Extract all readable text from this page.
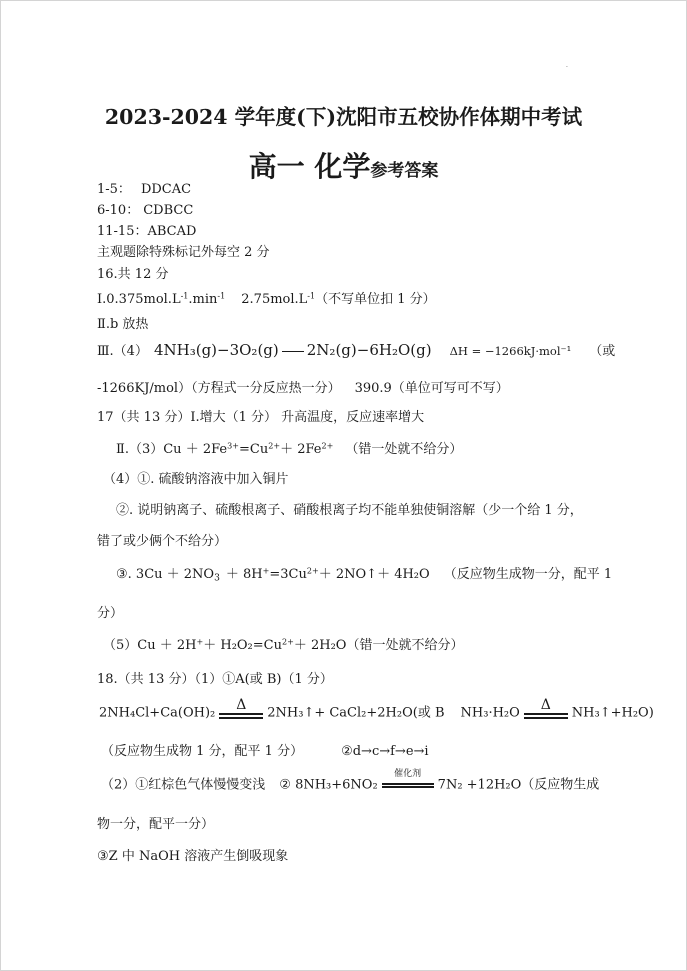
·
2023-2024 学年度(下)沈阳市五校协作体期中考试
高一 化学参考答案
1-5： DDCAC
6-10： CDBCC
11-15：ABCAD
主观题除特殊标记外每空 2 分
16.共 12 分
$Ⅰ.0.375mol.L^{-1}.\min^{-1}$ $2.75mol.L^{-1}$（不写单位扣 1 分）
Ⅱ.b 放热
Ⅲ.（4） 4NH₃(g)−3O₂(g) 2N₂(g)−6H₂O(g) ΔH = −1266kJ·mol⁻¹ （或
-1266KJ/mol）（方程式一分反应热一分） 390.9（单位可写可不写）
17（共 13 分）Ⅰ.增大（1 分） 升高温度，反应速率增大
Ⅱ.（3）Cu ＋ $2Fe^{3+}=Cu^{2+}+ 2Fe^{2+}$ （错一处就不给分）
（4）①. 硫酸钠溶液中加入铜片
②. 说明钠离子、硫酸根离子、硝酸根离子均不能单独使铜溶解（少一个给 1 分，
错了或少俩个不给分）
③. $3Cu + 2NO_3 + 8H^+=3Cu^{2+}+$ 2NO↑＋ 4H₂O （反应物生成物一分，配平 1
分）
$(5)Cu + 2H^++ H_2O_2=Cu^{2+}+ 2H_2O$（错一处就不给分）
18.（共 13 分）（1）①A(或 B)（1 分）
2NH₄Cl+Ca(OH)₂ Δ 2NH₃↑+ CaCl₂+2H₂O(或 B NH₃·H₂O Δ NH₃↑+H₂O)
（反应物生成物 1 分，配平 1 分）	②d→c→f→e→i
（2）①红棕色气体慢慢变浅 ② 8NH₃+6NO₂
催化剂
7N₂ +12H₂O（反应物生成
物一分，配平一分）
③Z 中 NaOH 溶液产生倒吸现象
